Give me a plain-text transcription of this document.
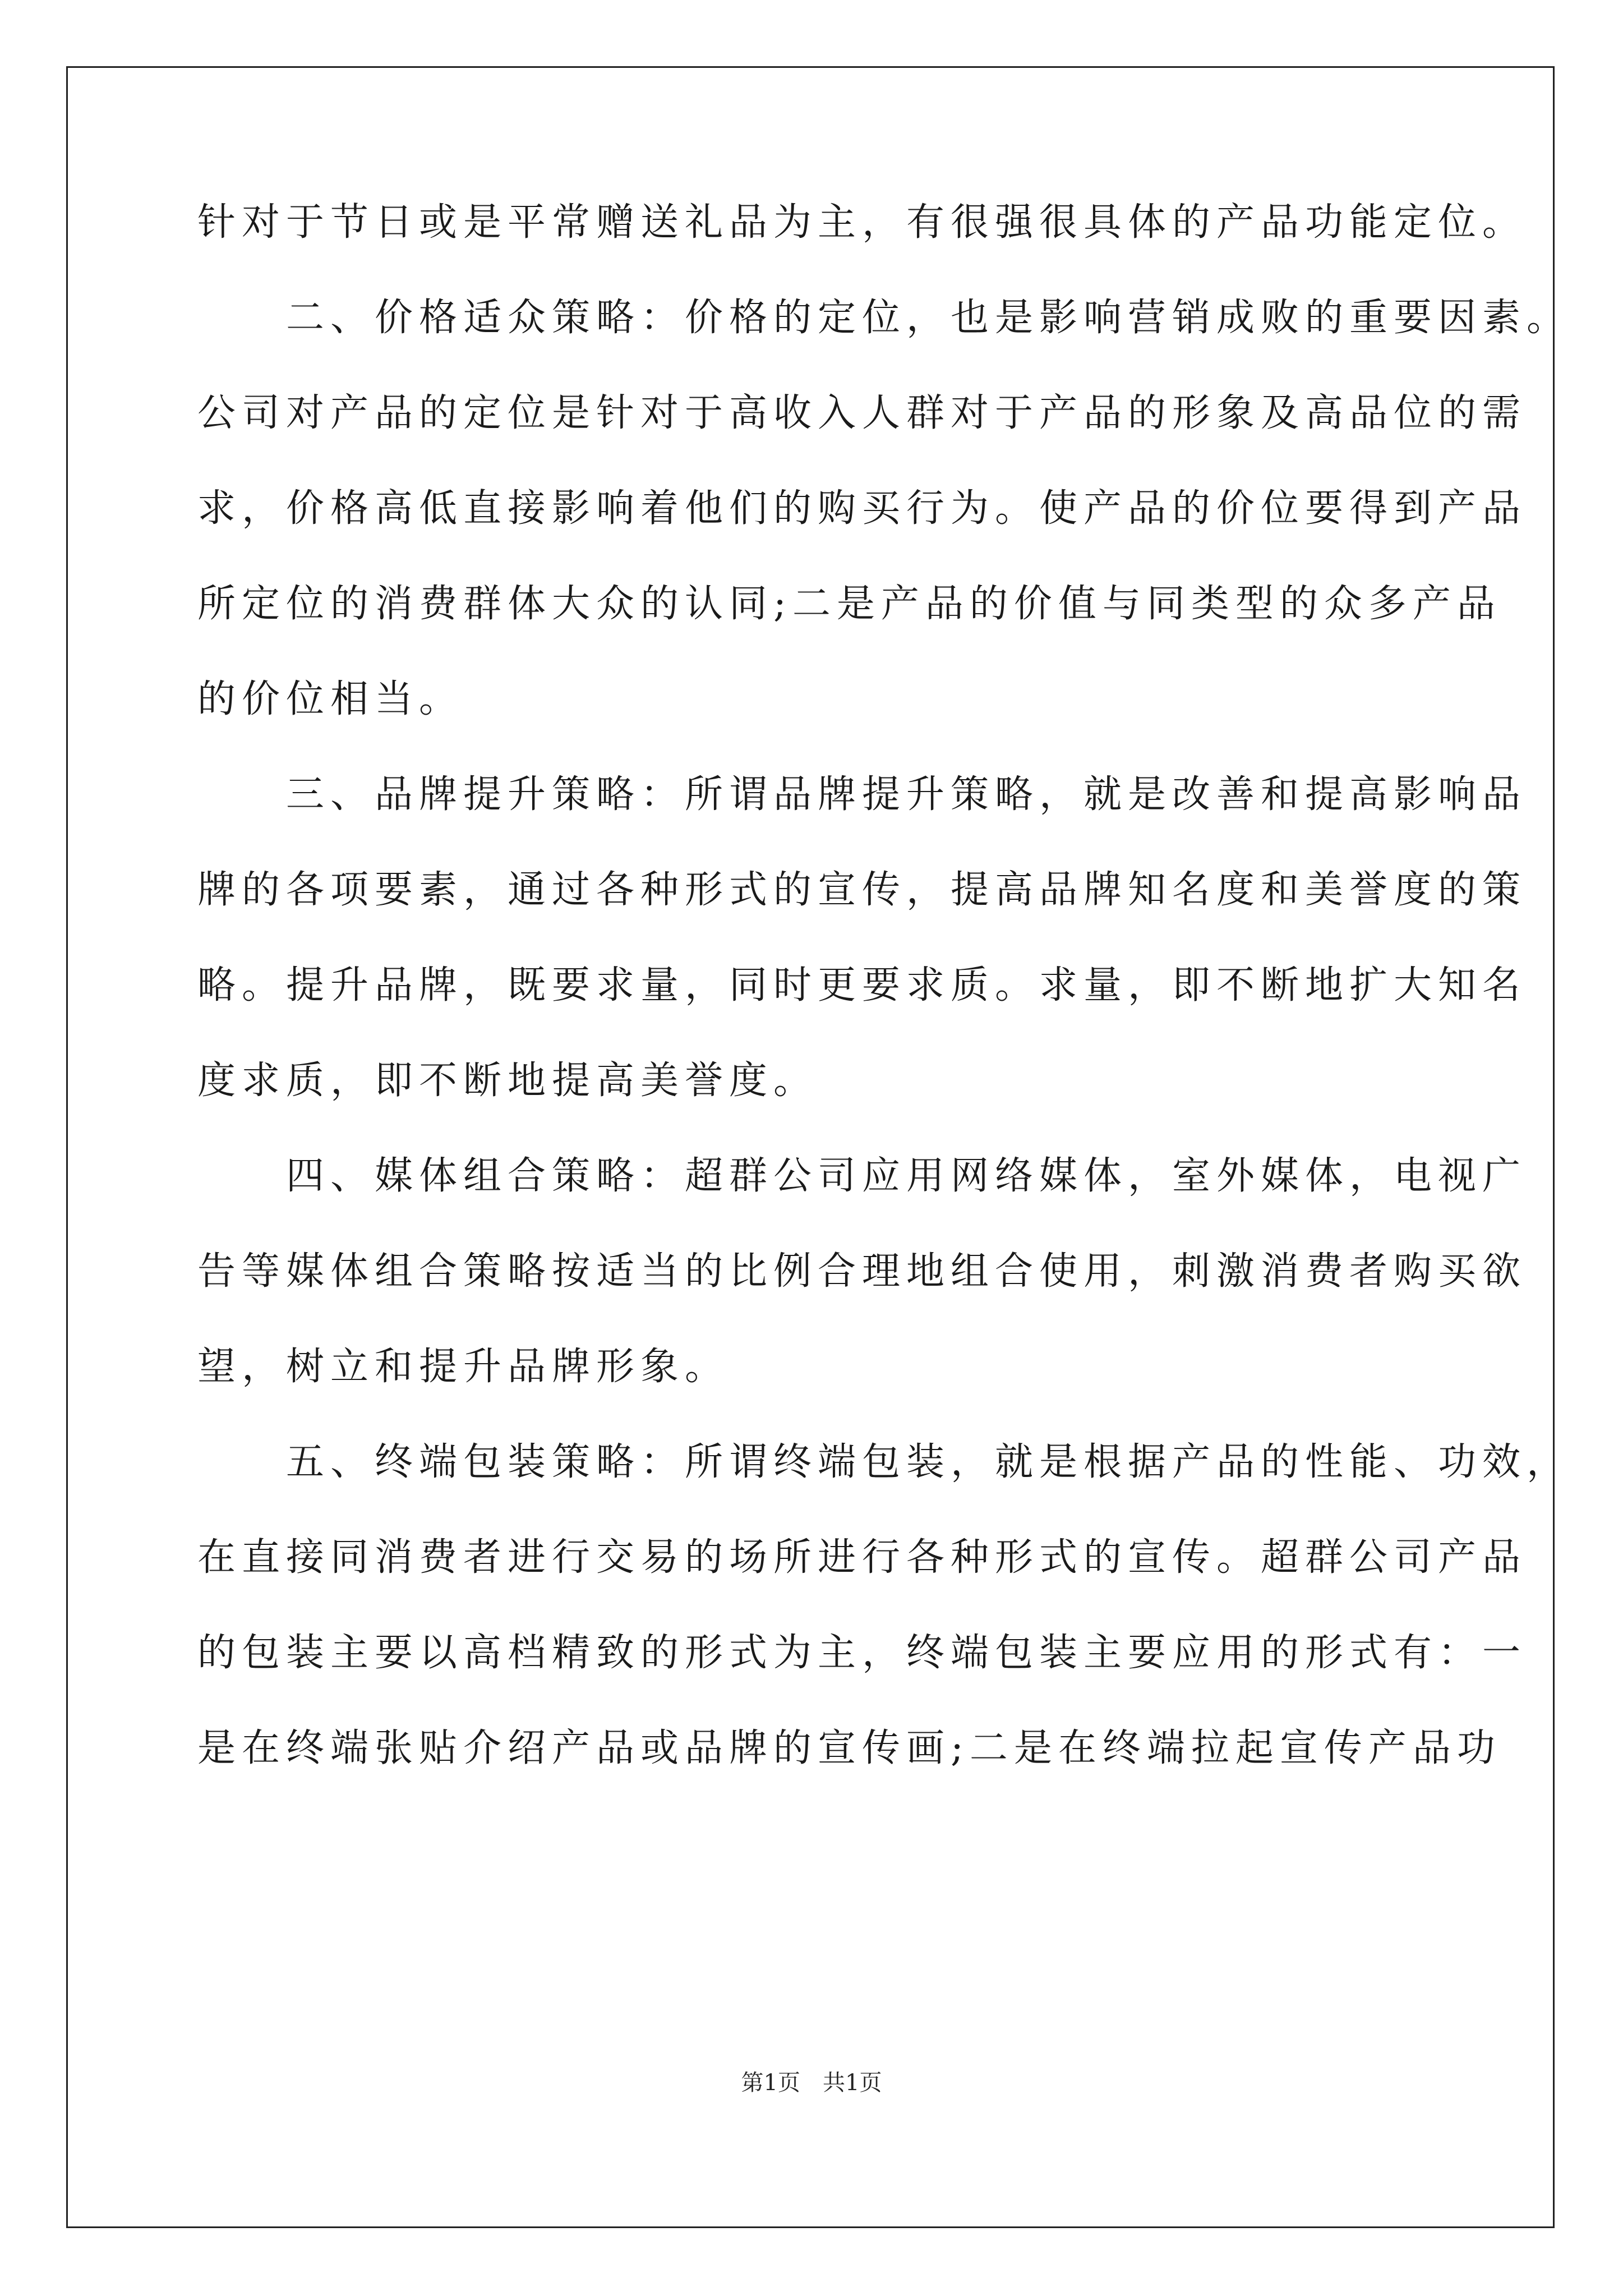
针对于节日或是平常赠送礼品为主，有很强很具体的产品功能定位。
　　二、价格适众策略：价格的定位，也是影响营销成败的重要因素。
公司对产品的定位是针对于高收入人群对于产品的形象及高品位的需
求，价格高低直接影响着他们的购买行为。使产品的价位要得到产品
所定位的消费群体大众的认同;二是产品的价值与同类型的众多产品
的价位相当。
　　三、品牌提升策略：所谓品牌提升策略，就是改善和提高影响品
牌的各项要素，通过各种形式的宣传，提高品牌知名度和美誉度的策
略。提升品牌，既要求量，同时更要求质。求量，即不断地扩大知名
度求质，即不断地提高美誉度。
　　四、媒体组合策略：超群公司应用网络媒体，室外媒体，电视广
告等媒体组合策略按适当的比例合理地组合使用，刺激消费者购买欲
望，树立和提升品牌形象。
　　五、终端包装策略：所谓终端包装，就是根据产品的性能、功效，
在直接同消费者进行交易的场所进行各种形式的宣传。超群公司产品
的包装主要以高档精致的形式为主，终端包装主要应用的形式有：一
是在终端张贴介绍产品或品牌的宣传画;二是在终端拉起宣传产品功
第1页　共1页
